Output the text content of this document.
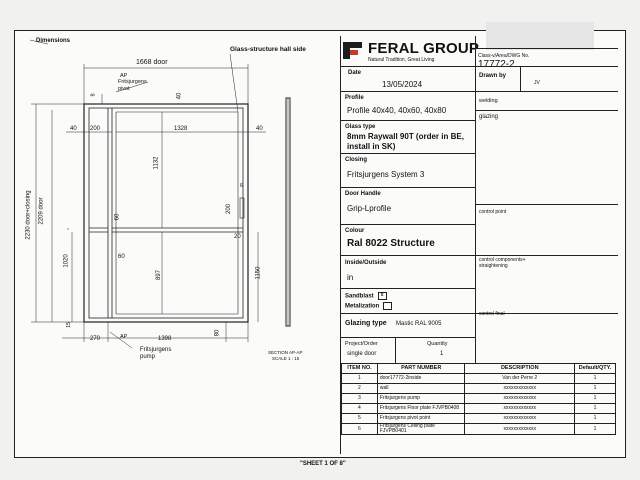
Dimensions
Glass-structure hall side
1668 door
AP
Fritsjurgens pivot
8	40
40 200	1328	40
1132
6
200
60
20
60
897
1020
1150
2230 door+closing 2209 door
270	1398
80
15
AP
Fritsjurgens pump
SECTION AP-AP
SCALE 1 : 15
"SHEET 1 OF 8"
FERAL GROUP
Natural Tradition, Great Living
Class-v/Area/DWG No.
17772-2
Date
13/05/2024
Drawn by
JV
Profile
Profile 40x40, 40x60, 40x80
welding
glazing
Glass type
8mm Raywall 90T (order in BE, install in SK)
Closing
Fritsjurgens System 3
Door Handle
Grip-Lprofile	control point
Colour
Ral 8022 Structure
Inside/Outside
in
control components+ straightening
Sandblast x
Metalization
Glazing type Mastic RAL 9005
control final
Project/Order
single door
Quantity
1
ITEM NO.	PART NUMBER	DESCRIPTION	Default/QTY.
1	door17772-2inside	Van der Perre 2	1
2	wall	xxxxxxxxxxxxx	1
3	Fritsjurgens pump	xxxxxxxxxxxxx	1
4	Fritsjurgens Floor plate FJVPB0408	xxxxxxxxxxxxx	1
5	Fritsjurgens pivot point	xxxxxxxxxxxxx	1
6	Fritsjurgens Ceiling plate FJVPB0401	xxxxxxxxxxxxx	1
